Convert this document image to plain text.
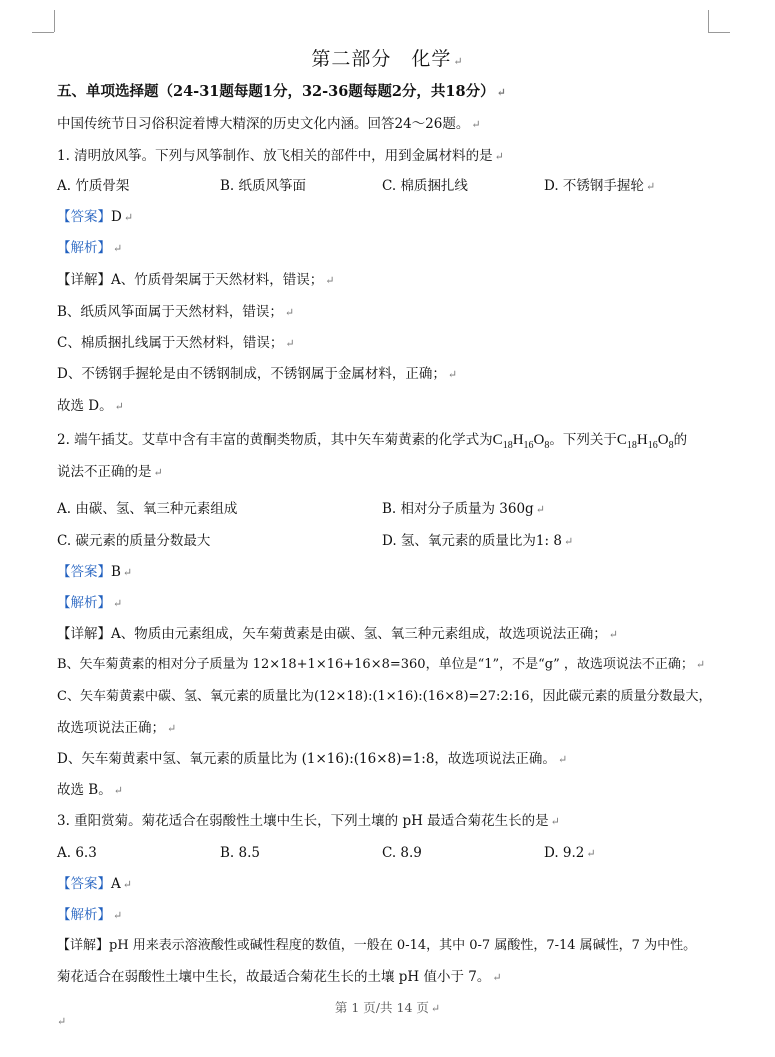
第二部分　化学 ↵
五、单项选择题（24-31题每题1分，32-36题每题2分，共18分） ↵
中国传统节日习俗积淀着博大精深的历史文化内涵。回答24～26题。 ↵
1. 清明放风筝。下列与风筝制作、放飞相关的部件中，用到金属材料的是 ↵
A. 竹质骨架	B. 纸质风筝面	C. 棉质捆扎线	D. 不锈钢手握轮 ↵
【答案】D ↵
【解析】 ↵
【详解】A、竹质骨架属于天然材料，错误； ↵
B、纸质风筝面属于天然材料，错误； ↵
C、棉质捆扎线属于天然材料，错误； ↵
D、不锈钢手握轮是由不锈钢制成，不锈钢属于金属材料，正确； ↵
故选 D。 ↵
2. 端午插艾。艾草中含有丰富的黄酮类物质，其中矢车菊黄素的化学式为$C_{18}H_{16}O_8$。下列关于$C_{18}H_{16}O_8$的
说法不正确的是 ↵
A. 由碳、氢、氧三种元素组成	B. 相对分子质量为 360g ↵
C. 碳元素的质量分数最大	D. 氢、氧元素的质量比为1: 8 ↵
【答案】B ↵
【解析】 ↵
【详解】A、物质由元素组成，矢车菊黄素是由碳、氢、氧三种元素组成，故选项说法正确； ↵
B、矢车菊黄素的相对分子质量为 12×18+1×16+16×8=360，单位是“1”，不是“g” ，故选项说法不正确； ↵
C、矢车菊黄素中碳、氢、氧元素的质量比为(12×18):(1×16):(16×8)=27:2:16，因此碳元素的质量分数最大，
故选项说法正确； ↵
D、矢车菊黄素中氢、氧元素的质量比为 (1×16):(16×8)=1:8，故选项说法正确。 ↵
故选 B。 ↵
3. 重阳赏菊。菊花适合在弱酸性土壤中生长，下列土壤的 pH 最适合菊花生长的是 ↵
A. 6.3	B. 8.5	C. 8.9	D. 9.2 ↵
【答案】A ↵
【解析】 ↵
【详解】pH 用来表示溶液酸性或碱性程度的数值，一般在 0-14，其中 0-7 属酸性，7-14 属碱性，7 为中性。
菊花适合在弱酸性土壤中生长，故最适合菊花生长的土壤 pH 值小于 7。 ↵
第 1 页/共 14 页 ↵
↵
